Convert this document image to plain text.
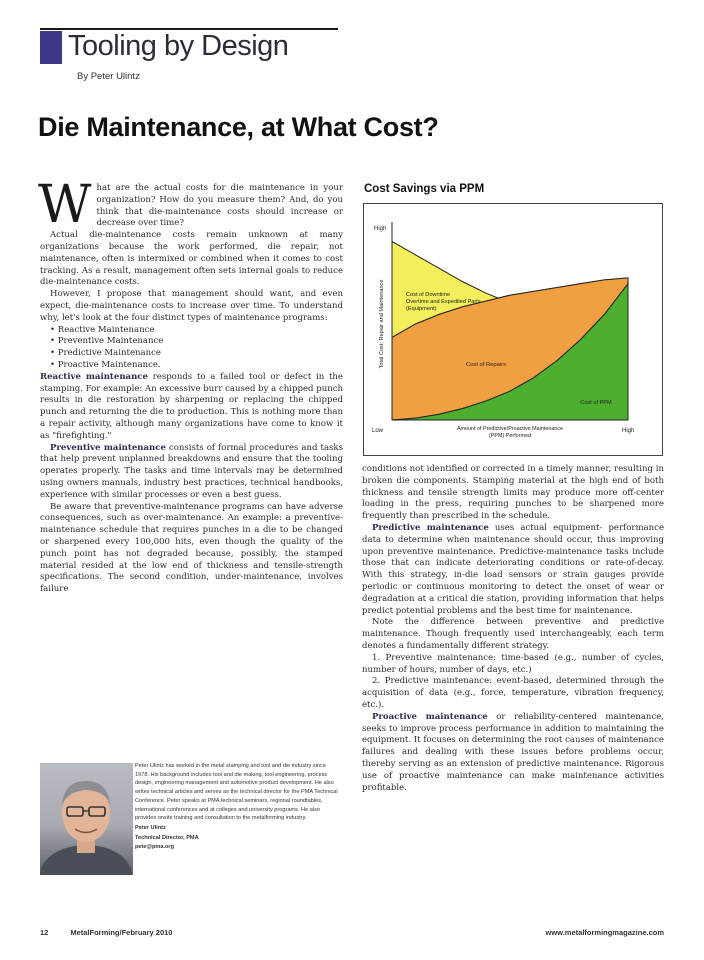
Tooling by Design
By Peter Ulintz
Die Maintenance, at What Cost?

What are the actual costs for die maintenance in your organization? How do you measure them? And, do you think that die-maintenance costs should increase or decrease over time?

Actual die-maintenance costs remain unknown at many organizations because the work performed, die repair, not maintenance, often is intermixed or combined when it comes to cost tracking. As a result, management often sets internal goals to reduce die-maintenance costs.

However, I propose that management should want, and even expect, die-maintenance costs to increase over time. To understand why, let's look at the four distinct types of maintenance programs:

• Reactive Maintenance
• Preventive Maintenance
• Predictive Maintenance
• Proactive Maintenance.

Reactive maintenance responds to a failed tool or defect in the stamping. For example: An excessive burr caused by a chipped punch results in die restoration by sharpening or replacing the chipped punch and returning the die to production. This is nothing more than a repair activity, although many organizations have come to know it as "firefighting."

Preventive maintenance consists of formal procedures and tasks that help prevent unplanned breakdowns and ensure that the tooling operates properly. The tasks and time intervals may be determined using owners manuals, industry best practices, technical handbooks, experience with similar processes or even a best guess.

Be aware that preventive-maintenance programs can have adverse consequences, such as over-maintenance. An example: a preventive-maintenance schedule that requires punches in a die to be changed or sharpened every 100,000 hits, even though the quality of the punch point has not degraded because, possibly, the stamped material resided at the low end of thickness and tensile-strength specifications. The second condition, under-maintenance, involves failure

Cost Savings via PPM
High
Low	High
Amount of Predictive/Proactive Maintenance
(PPM) Performed
Total Cost: Repair and Maintenance	Cost of Downtime
Overtime and Expedited Parts
(Equipment)
Cost of Repairs
Cost of PPM

conditions not identified or corrected in a timely manner, resulting in broken die components. Stamping material at the high end of both thickness and tensile strength limits may produce more off-center loading in the press, requiring punches to be sharpened more frequently than prescribed in the schedule.

Predictive maintenance uses actual equipment- performance data to determine when maintenance should occur, thus improving upon preventive maintenance. Predictive-maintenance tasks include those that can indicate deteriorating conditions or rate-of-decay. With this strategy, in-die load sensors or strain gauges provide periodic or continuous monitoring to detect the onset of wear or degradation at a critical die station, providing information that helps predict potential problems and the best time for maintenance.

Note the difference between preventive and predictive maintenance. Though frequently used interchangeably, each term denotes a fundamentally different strategy.

1. Preventive maintenance: time-based (e.g., number of cycles, number of hours, number of days, etc.)

2. Predictive maintenance: event-based, determined through the acquisition of data (e.g., force, temperature, vibration frequency, etc.).

Proactive maintenance or reliability-centered maintenance, seeks to improve process performance in addition to maintaining the equipment. It focuses on determining the root causes of maintenance failures and dealing with these issues before problems occur, thereby serving as an extension of predictive maintenance. Rigorous use of proactive maintenance can make maintenance activities profitable.

Peter Ulintz has worked in the metal stamping and tool and die industry since 1978. His background includes tool and die making, tool engineering, process design, engineering management and automotive product development. He also writes technical articles and serves as the technical director for the PMA Technical Conference. Peter speaks at PMA technical seminars, regional roundtables, international conferences and at colleges and university programs. He also provides onsite training and consultation to the metalforming industry.
Peter Ulintz
Technical Director, PMA
pete@pma.org
12	MetalForming/February 2010	www.metalformingmagazine.com
